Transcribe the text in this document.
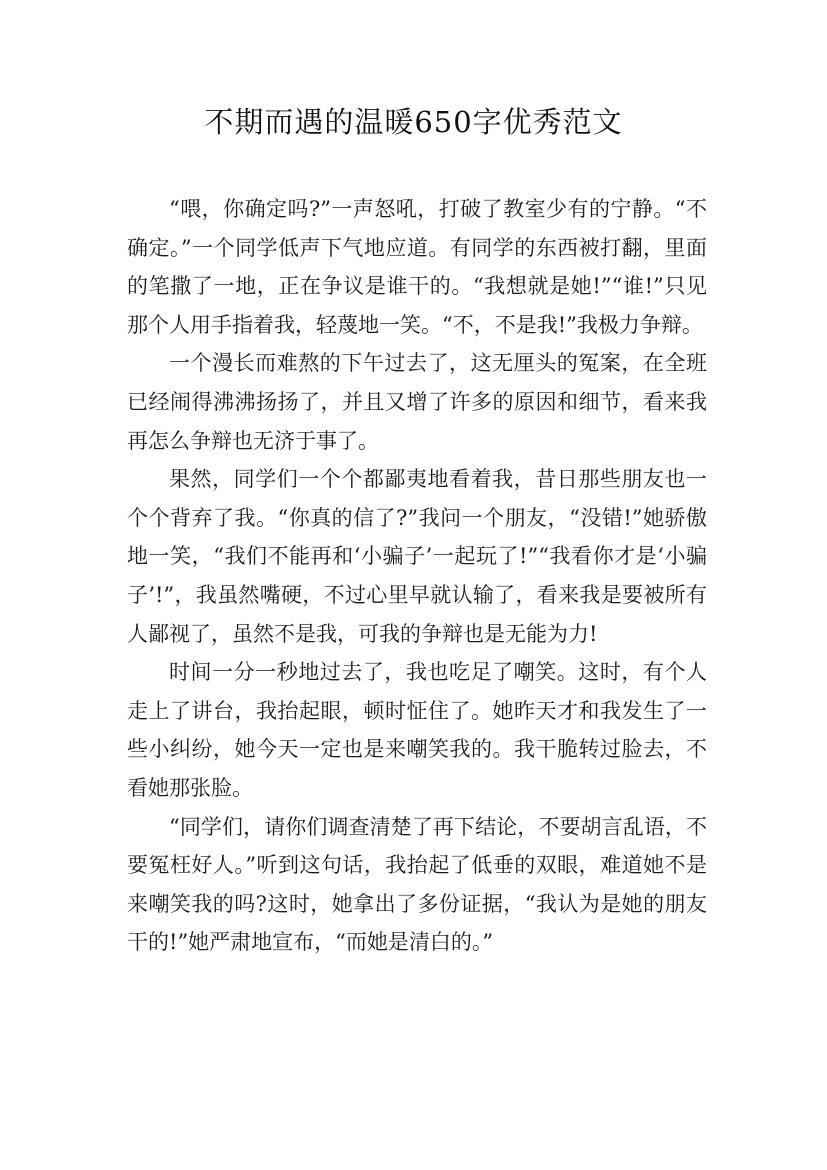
不期而遇的温暖650字优秀范文

“喂，你确定吗?”一声怒吼，打破了教室少有的宁静。“不确定。”一个同学低声下气地应道。有同学的东西被打翻，里面的笔撒了一地，正在争议是谁干的。“我想就是她!”“谁!”只见那个人用手指着我，轻蔑地一笑。“不，不是我!”我极力争辩。

一个漫长而难熬的下午过去了，这无厘头的冤案，在全班已经闹得沸沸扬扬了，并且又增了许多的原因和细节，看来我再怎么争辩也无济于事了。

果然，同学们一个个都鄙夷地看着我，昔日那些朋友也一个个背弃了我。“你真的信了?”我问一个朋友，“没错!”她骄傲地一笑，“我们不能再和‘小骗子’一起玩了!”“我看你才是‘小骗子’!”，我虽然嘴硬，不过心里早就认输了，看来我是要被所有人鄙视了，虽然不是我，可我的争辩也是无能为力!

时间一分一秒地过去了，我也吃足了嘲笑。这时，有个人走上了讲台，我抬起眼，顿时怔住了。她昨天才和我发生了一些小纠纷，她今天一定也是来嘲笑我的。我干脆转过脸去，不看她那张脸。

“同学们，请你们调查清楚了再下结论，不要胡言乱语，不要冤枉好人。”听到这句话，我抬起了低垂的双眼，难道她不是来嘲笑我的吗?这时，她拿出了多份证据，“我认为是她的朋友干的!”她严肃地宣布，“而她是清白的。”
